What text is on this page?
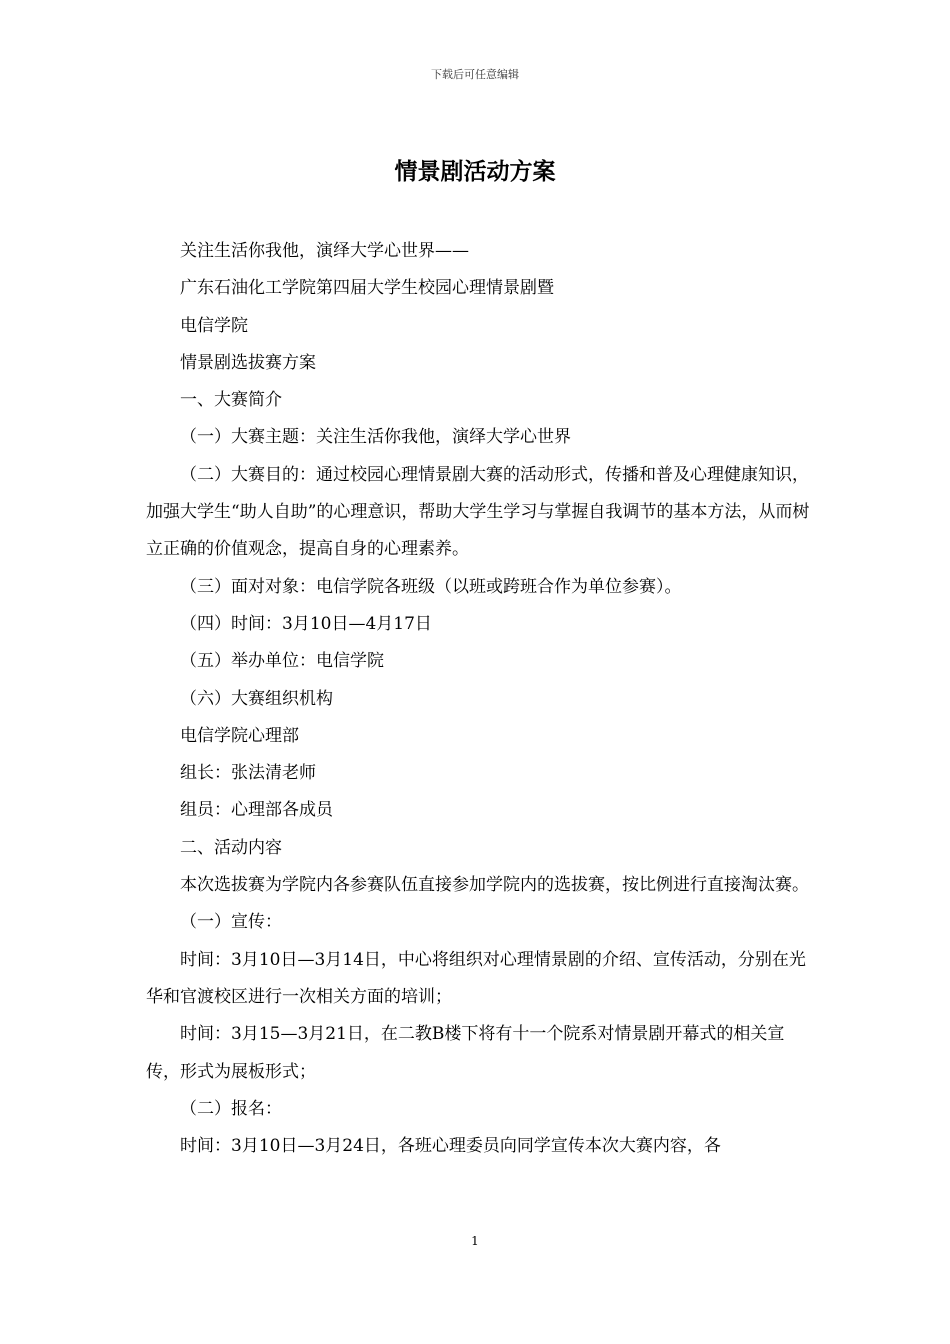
下载后可任意编辑
情景剧活动方案

关注生活你我他，演绎大学心世界——

广东石油化工学院第四届大学生校园心理情景剧暨

电信学院

情景剧选拔赛方案

一、大赛简介

（一）大赛主题：关注生活你我他，演绎大学心世界

（二）大赛目的：通过校园心理情景剧大赛的活动形式，传播和普及心理健康知识，加强大学生“助人自助”的心理意识，帮助大学生学习与掌握自我调节的基本方法，从而树立正确的价值观念，提高自身的心理素养。

（三）面对对象：电信学院各班级（以班或跨班合作为单位参赛）。

（四）时间：3月10日—4月17日

（五）举办单位：电信学院

（六）大赛组织机构

电信学院心理部

组长：张法清老师

组员：心理部各成员

二、活动内容

本次选拔赛为学院内各参赛队伍直接参加学院内的选拔赛，按比例进行直接淘汰赛。

（一）宣传：

时间：3月10日—3月14日，中心将组织对心理情景剧的介绍、宣传活动，分别在光华和官渡校区进行一次相关方面的培训；

时间：3月15—3月21日，在二教B楼下将有十一个院系对情景剧开幕式的相关宣传，形式为展板形式；

（二）报名：

时间：3月10日—3月24日，各班心理委员向同学宣传本次大赛内容，各

1
